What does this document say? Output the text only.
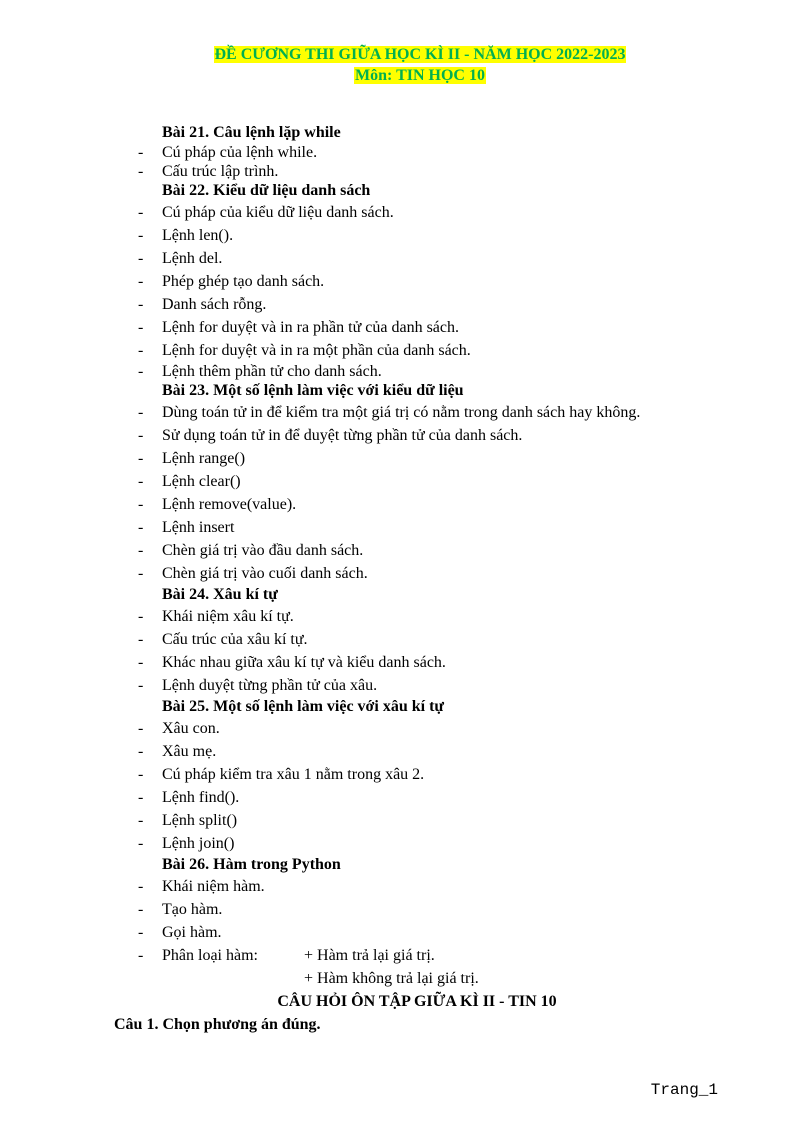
ĐỀ CƯƠNG THI GIỮA HỌC KÌ II - NĂM HỌC 2022-2023
Môn: TIN HỌC 10
Bài 21. Câu lệnh lặp while
- Cú pháp của lệnh while.
- Cấu trúc lập trình.
Bài 22. Kiểu dữ liệu danh sách
- Cú pháp của kiểu dữ liệu danh sách.
- Lệnh len().
- Lệnh del.
- Phép ghép tạo danh sách.
- Danh sách rỗng.
- Lệnh for duyệt và in ra phần tử của danh sách.
- Lệnh for duyệt và in ra một phần của danh sách.
- Lệnh thêm phần tử cho danh sách.
Bài 23. Một số lệnh làm việc với kiểu dữ liệu
- Dùng toán tử in để kiểm tra một giá trị có nằm trong danh sách hay không.
- Sử dụng toán tử in để duyệt từng phần tử của danh sách.
- Lệnh range()
- Lệnh clear()
- Lệnh remove(value).
- Lệnh insert
- Chèn giá trị vào đầu danh sách.
- Chèn giá trị vào cuối danh sách.
Bài 24. Xâu kí tự
- Khái niệm xâu kí tự.
- Cấu trúc của xâu kí tự.
- Khác nhau giữa xâu kí tự và kiểu danh sách.
- Lệnh duyệt từng phần tử của xâu.
Bài 25. Một số lệnh làm việc với xâu kí tự
- Xâu con.
- Xâu mẹ.
- Cú pháp kiểm tra xâu 1 nằm trong xâu 2.
- Lệnh find().
- Lệnh split()
- Lệnh join()
Bài 26. Hàm trong Python
- Khái niệm hàm.
- Tạo hàm.
- Gọi hàm.
- Phân loại hàm:	+ Hàm trả lại giá trị.
+ Hàm không trả lại giá trị.
CÂU HỎI ÔN TẬP GIỮA KÌ II - TIN 10
Câu 1. Chọn phương án đúng.
Trang_1
